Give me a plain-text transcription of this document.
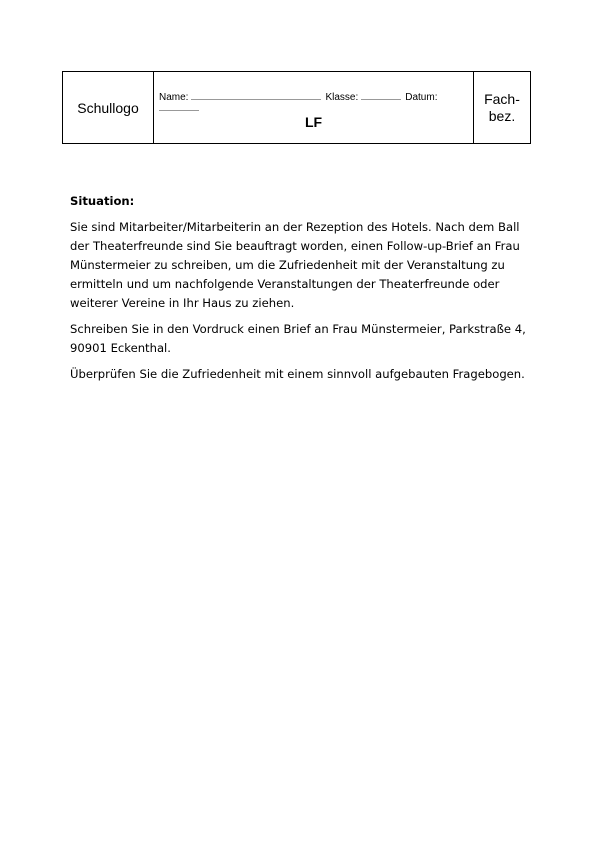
Schullogo
Name:	Klasse:	Datum:
LF
Fach-
bez.

Situation:

Sie sind Mitarbeiter/Mitarbeiterin an der Rezeption des Hotels. Nach dem Ball der Theaterfreunde sind Sie beauftragt worden, einen Follow-up-Brief an Frau Münstermeier zu schreiben, um die Zufriedenheit mit der Veranstaltung zu ermitteln und um nachfolgende Veranstaltungen der Theaterfreunde oder weiterer Vereine in Ihr Haus zu ziehen.

Schreiben Sie in den Vordruck einen Brief an Frau Münstermeier, Parkstraße 4, 90901 Eckenthal.

Überprüfen Sie die Zufriedenheit mit einem sinnvoll aufgebauten Fragebogen.
